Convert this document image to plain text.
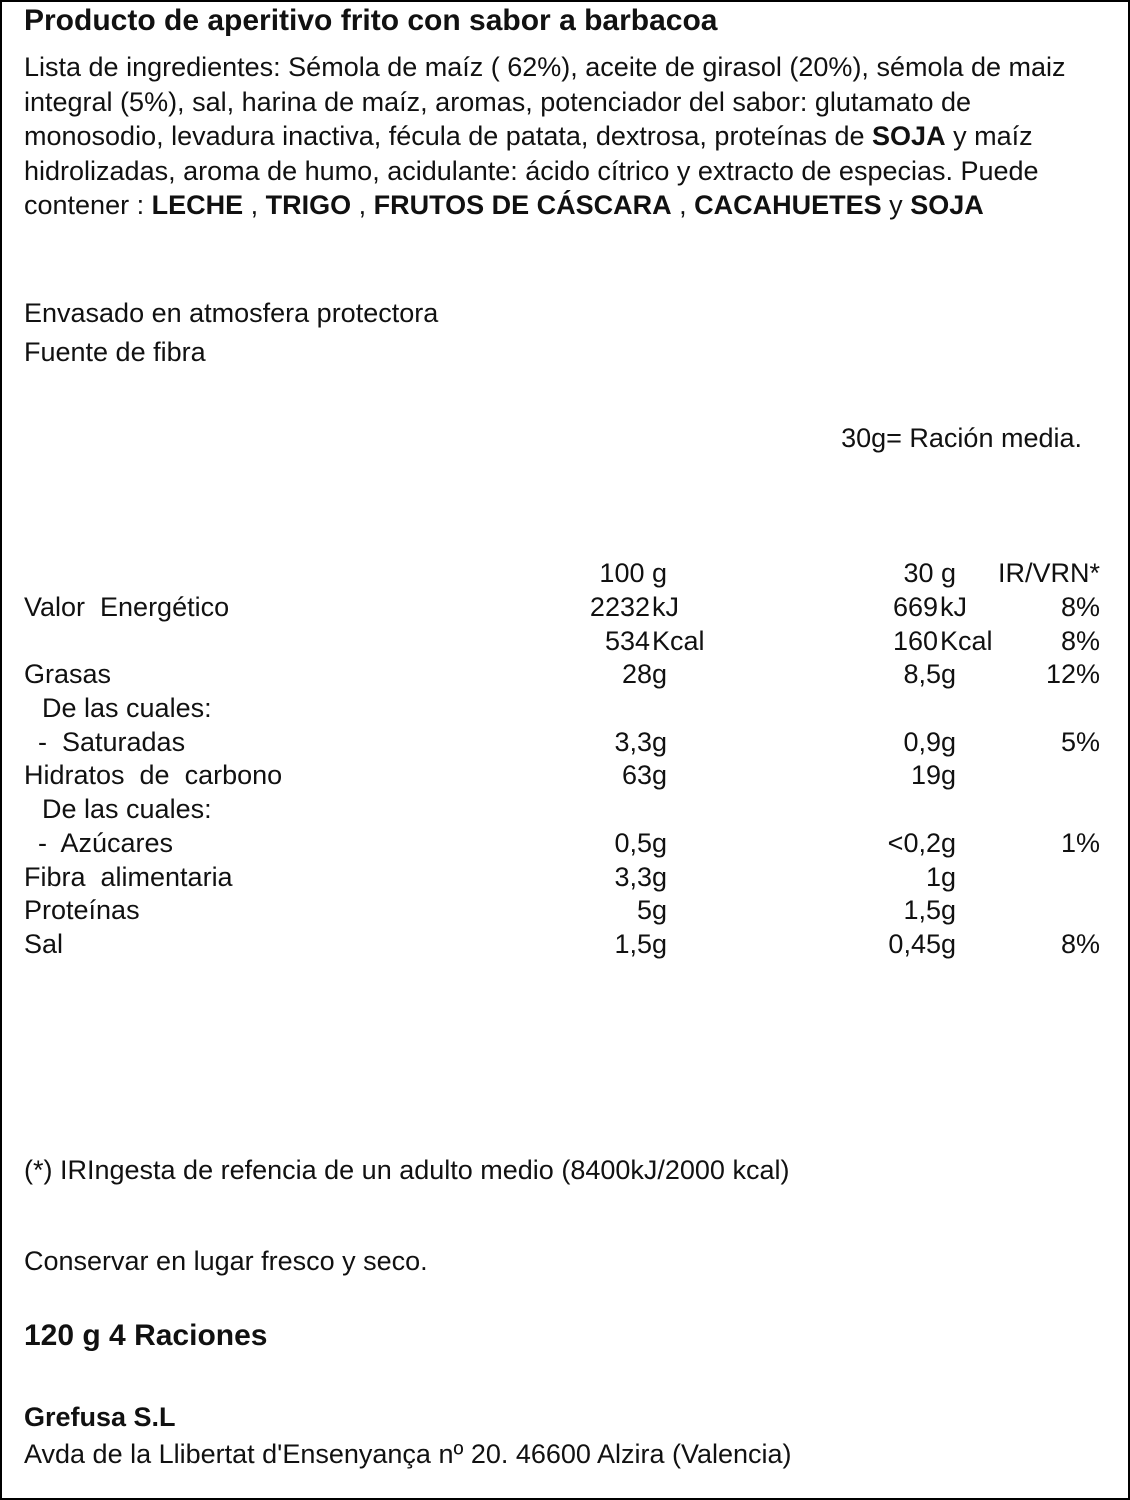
Producto de aperitivo frito con sabor a barbacoa
Lista de ingredientes: Sémola de maíz ( 62%), aceite de girasol (20%), sémola de maiz integral (5%), sal, harina de maíz, aromas, potenciador del sabor: glutamato de monosodio, levadura inactiva, fécula de patata, dextrosa, proteínas de SOJA y maíz hidrolizadas, aroma de humo, acidulante: ácido cítrico y extracto de especias. Puede contener : LECHE , TRIGO , FRUTOS DE CÁSCARA , CACAHUETES y SOJA
Envasado en atmosfera protectora
Fuente de fibra
30g= Ración media.
100 g	30 g IR/VRN*
Valor  Energético	2232 kJ	669 kJ	8%
534 Kcal	160 Kcal	8%
Grasas	28g	8,5g	12%
De las cuales:
-  Saturadas	3,3g	0,9g	5%
Hidratos  de  carbono	63g	19g
De las cuales:
-  Azúcares	0,5g	<0,2g	1%
Fibra  alimentaria	3,3g	1g
Proteínas	5g	1,5g
Sal	1,5g	0,45g	8%
(*) IRIngesta de refencia de un adulto medio (8400kJ/2000 kcal)
Conservar en lugar fresco y seco.
120 g 4 Raciones
Grefusa S.L
Avda de la Llibertat d'Ensenyança nº 20. 46600 Alzira (Valencia)
